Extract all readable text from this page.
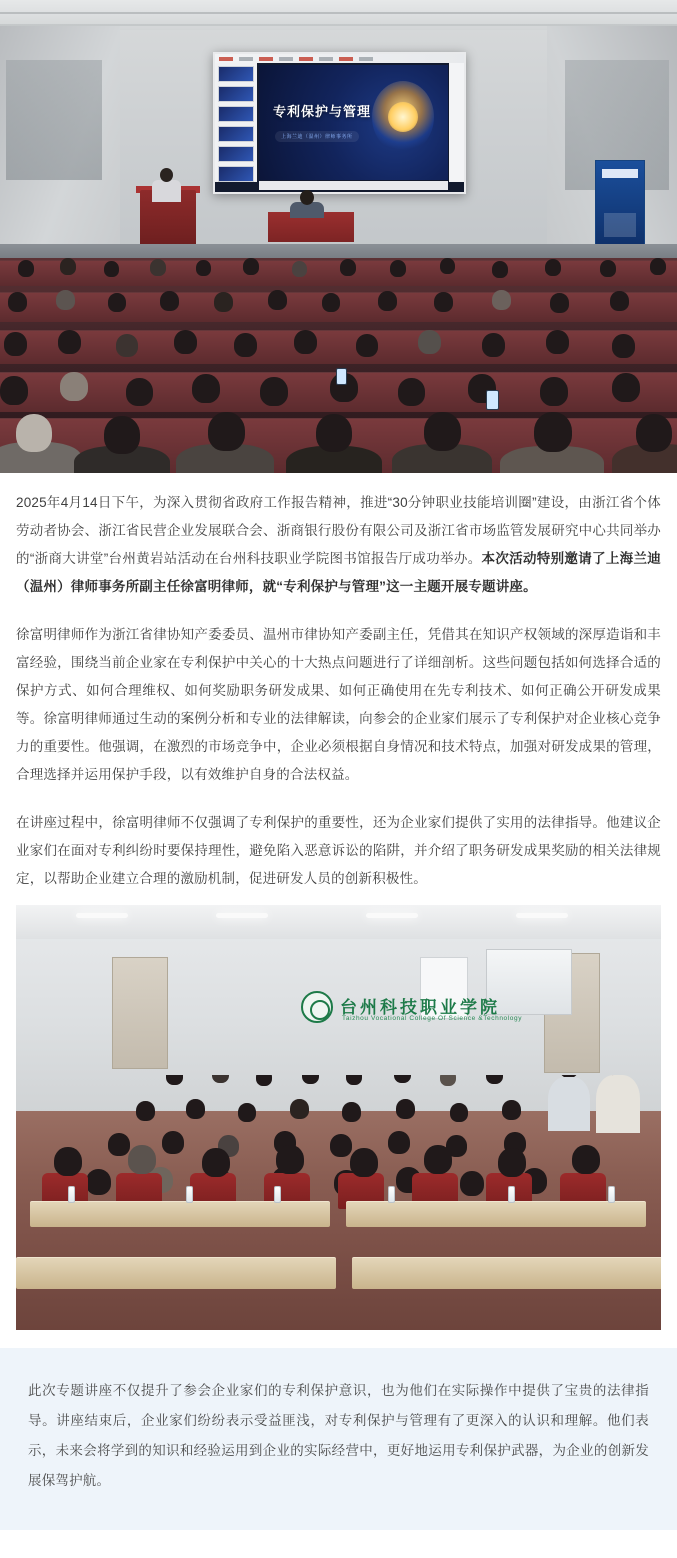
专利保护与管理
上海兰迪（温州）律师事务所

2025年4月14日下午，为深入贯彻省政府工作报告精神，推进“30分钟职业技能培训圈”建设，由浙江省个体劳动者协会、浙江省民营企业发展联合会、浙商银行股份有限公司及浙江省市场监管发展研究中心共同举办的“浙商大讲堂”台州黄岩站活动在台州科技职业学院图书馆报告厅成功举办。本次活动特别邀请了上海兰迪（温州）律师事务所副主任徐富明律师，就“专利保护与管理”这一主题开展专题讲座。

徐富明律师作为浙江省律协知产委委员、温州市律协知产委副主任，凭借其在知识产权领域的深厚造诣和丰富经验，围绕当前企业家在专利保护中关心的十大热点问题进行了详细剖析。这些问题包括如何选择合适的保护方式、如何合理维权、如何奖励职务研发成果、如何正确使用在先专利技术、如何正确公开研发成果等。徐富明律师通过生动的案例分析和专业的法律解读，向参会的企业家们展示了专利保护对企业核心竞争力的重要性。他强调，在激烈的市场竞争中，企业必须根据自身情况和技术特点，加强对研发成果的管理，合理选择并运用保护手段，以有效维护自身的合法权益。

在讲座过程中，徐富明律师不仅强调了专利保护的重要性，还为企业家们提供了实用的法律指导。他建议企业家们在面对专利纠纷时要保持理性，避免陷入恶意诉讼的陷阱，并介绍了职务研发成果奖励的相关法律规定，以帮助企业建立合理的激励机制，促进研发人员的创新积极性。

台州科技职业学院
Taizhou Vocational College Of Science &Technology
此次专题讲座不仅提升了参会企业家们的专利保护意识，也为他们在实际操作中提供了宝贵的法律指导。讲座结束后，企业家们纷纷表示受益匪浅，对专利保护与管理有了更深入的认识和理解。他们表示，未来会将学到的知识和经验运用到企业的实际经营中，更好地运用专利保护武器，为企业的创新发展保驾护航。
